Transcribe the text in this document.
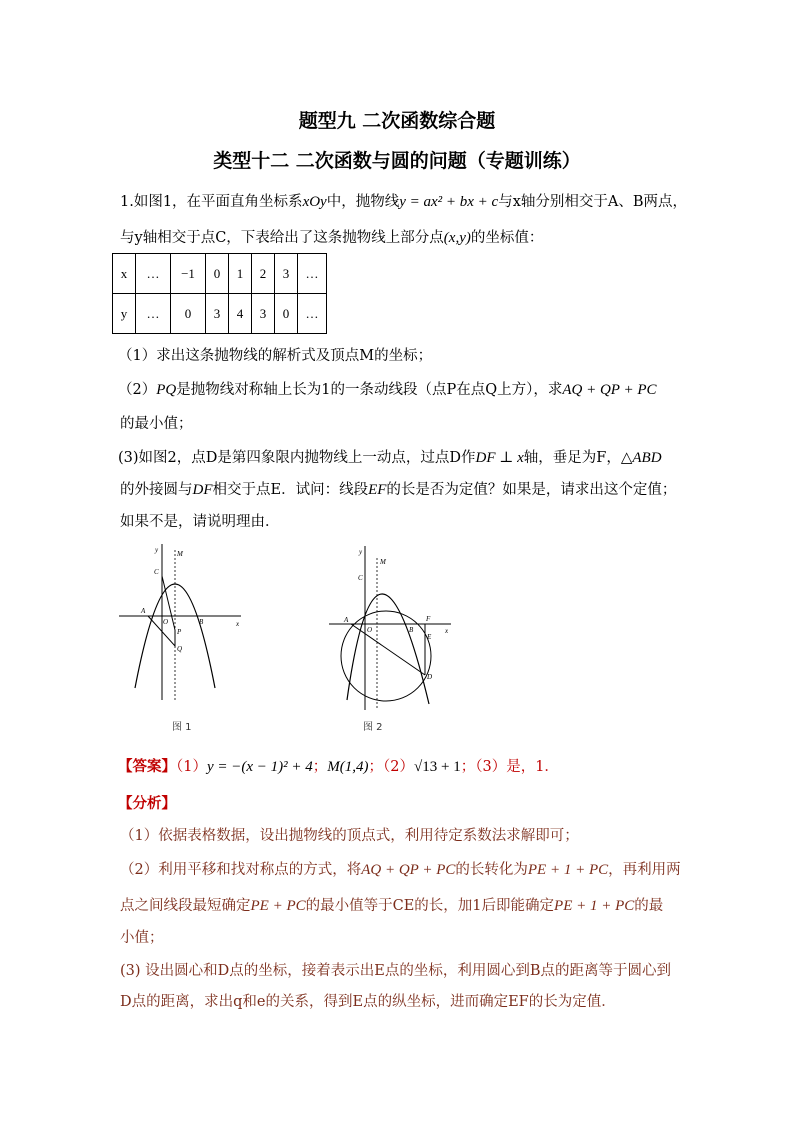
题型九 二次函数综合题
类型十二 二次函数与圆的问题（专题训练）
1.如图1，在平面直角坐标系xOy中，抛物线y = ax² + bx + c与x轴分别相交于A、B两点，
与y轴相交于点C，下表给出了这条抛物线上部分点(x,y)的坐标值：
x	…	−1	0	1	2	3	…
y	…	0	3	4	3	0	…
（1）求出这条抛物线的解析式及顶点M的坐标；
（2）PQ是抛物线对称轴上长为1的一条动线段（点P在点Q上方），求AQ + QP + PC
的最小值；
(3)如图2，点D是第四象限内抛物线上一动点，过点D作DF ⊥ x轴，垂足为F，△ABD
的外接圆与DF相交于点E．试问：线段EF的长是否为定值？如果是，请求出这个定值；
如果不是，请说明理由．
y
x
M
C
A
O	B
P
Q
图 1
y
x
M
C
A
O	B
F
E
D
图 2
【答案】（1）y = −(x − 1)² + 4；M(1,4)；（2）√13 + 1；（3）是，1．
【分析】
（1）依据表格数据，设出抛物线的顶点式，利用待定系数法求解即可；
（2）利用平移和找对称点的方式，将AQ + QP + PC的长转化为PE + 1 + PC，再利用两
点之间线段最短确定PE + PC的最小值等于CE的长，加1后即能确定PE + 1 + PC的最
小值；
(3) 设出圆心和D点的坐标，接着表示出E点的坐标，利用圆心到B点的距离等于圆心到
D点的距离，求出q和e的关系，得到E点的纵坐标，进而确定EF的长为定值．
